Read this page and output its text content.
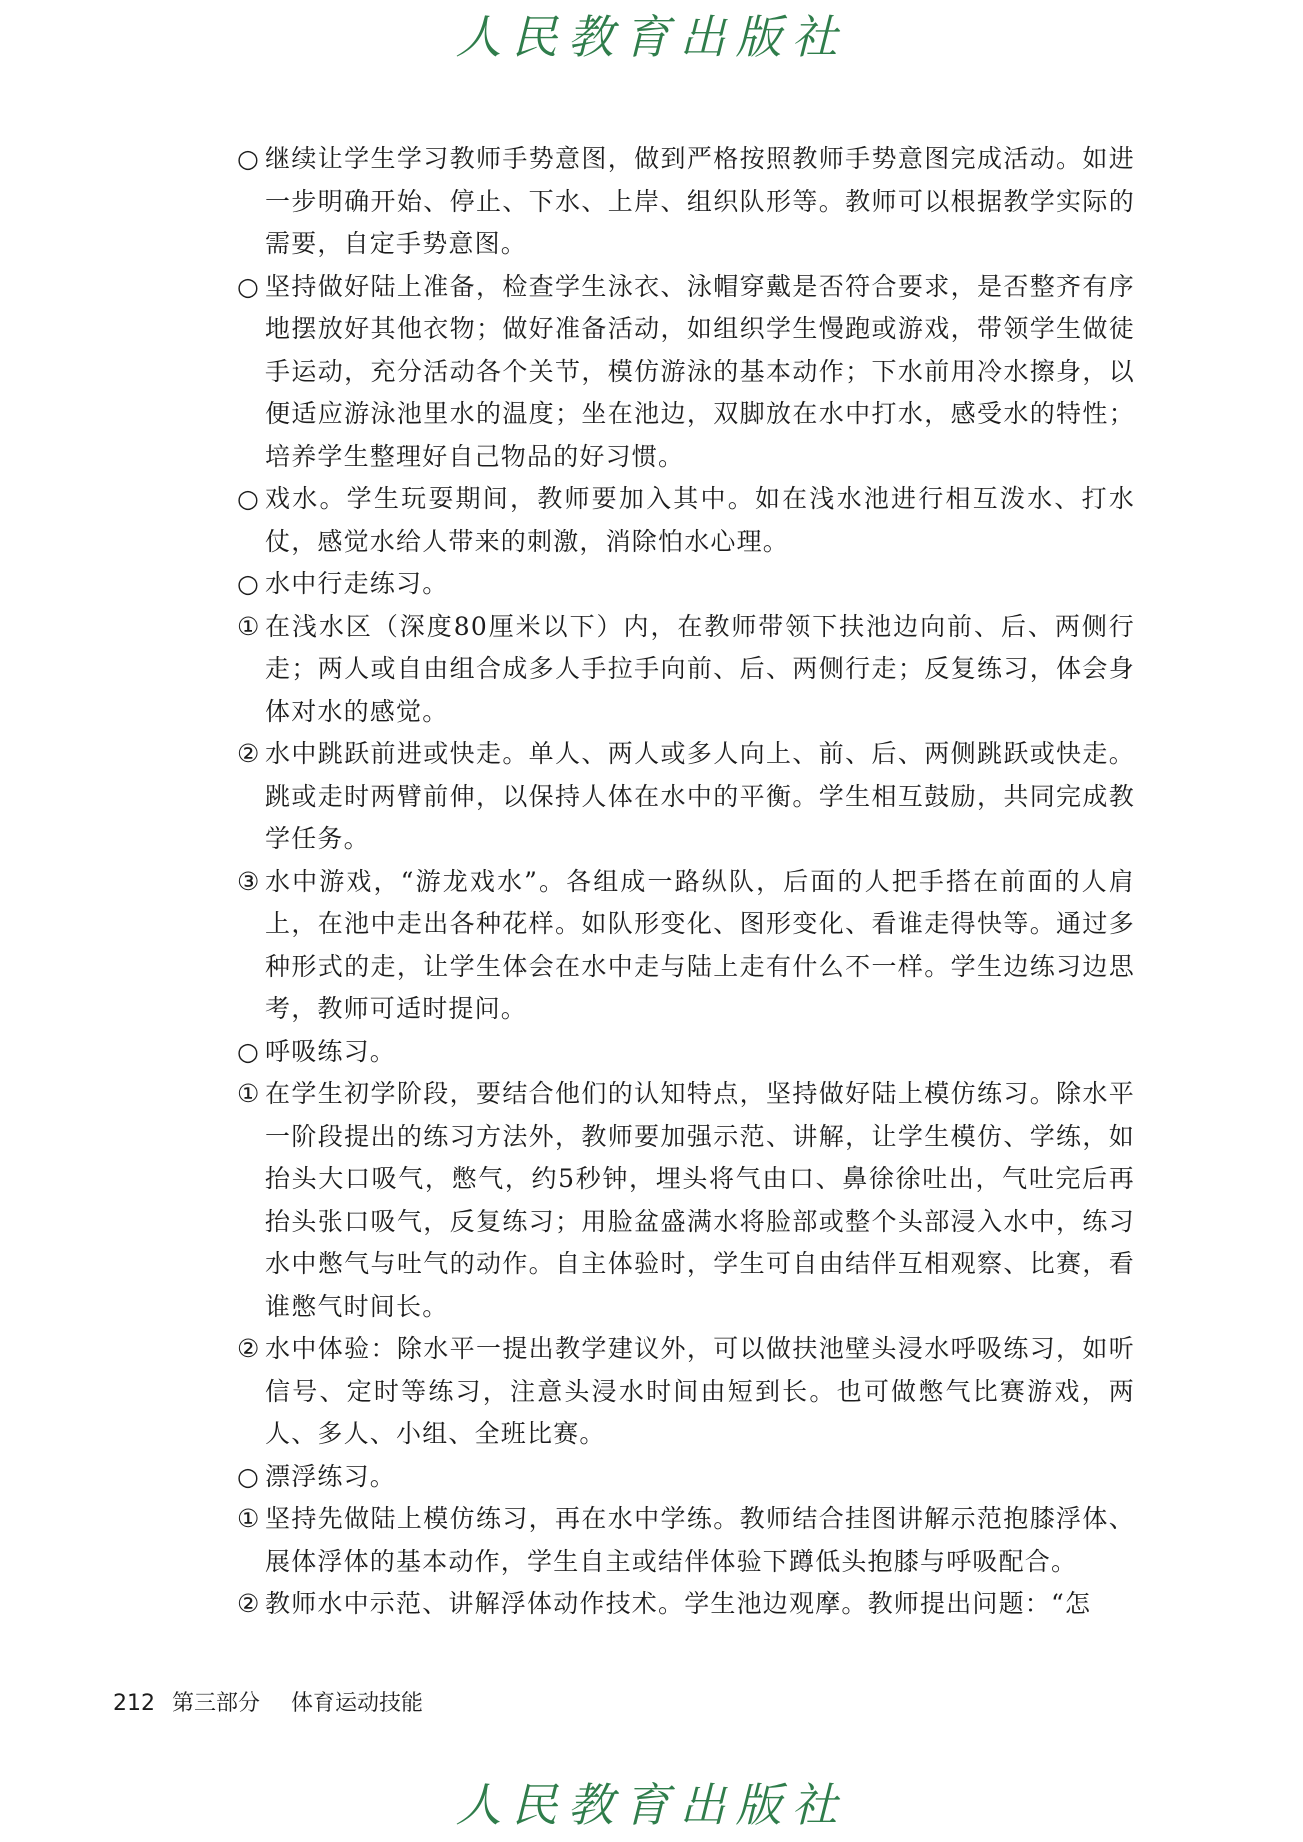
人民教育出版社

○ 继续让学生学习教师手势意图，做到严格按照教师手势意图完成活动。如进一步明确开始、停止、下水、上岸、组织队形等。教师可以根据教学实际的需要，自定手势意图。

○ 坚持做好陆上准备，检查学生泳衣、泳帽穿戴是否符合要求，是否整齐有序地摆放好其他衣物；做好准备活动，如组织学生慢跑或游戏，带领学生做徒手运动，充分活动各个关节，模仿游泳的基本动作；下水前用冷水擦身，以便适应游泳池里水的温度；坐在池边，双脚放在水中打水，感受水的特性；培养学生整理好自己物品的好习惯。

○ 戏水。学生玩耍期间，教师要加入其中。如在浅水池进行相互泼水、打水仗，感觉水给人带来的刺激，消除怕水心理。

○ 水中行走练习。

① 在浅水区（深度80厘米以下）内，在教师带领下扶池边向前、后、两侧行走；两人或自由组合成多人手拉手向前、后、两侧行走；反复练习，体会身体对水的感觉。

② 水中跳跃前进或快走。单人、两人或多人向上、前、后、两侧跳跃或快走。跳或走时两臂前伸，以保持人体在水中的平衡。学生相互鼓励，共同完成教学任务。

③ 水中游戏，“游龙戏水”。各组成一路纵队，后面的人把手搭在前面的人肩上，在池中走出各种花样。如队形变化、图形变化、看谁走得快等。通过多种形式的走，让学生体会在水中走与陆上走有什么不一样。学生边练习边思考，教师可适时提问。

○ 呼吸练习。

① 在学生初学阶段，要结合他们的认知特点，坚持做好陆上模仿练习。除水平一阶段提出的练习方法外，教师要加强示范、讲解，让学生模仿、学练，如抬头大口吸气，憋气，约5秒钟，埋头将气由口、鼻徐徐吐出，气吐完后再抬头张口吸气，反复练习；用脸盆盛满水将脸部或整个头部浸入水中，练习水中憋气与吐气的动作。自主体验时，学生可自由结伴互相观察、比赛，看谁憋气时间长。

② 水中体验：除水平一提出教学建议外，可以做扶池壁头浸水呼吸练习，如听信号、定时等练习，注意头浸水时间由短到长。也可做憋气比赛游戏，两人、多人、小组、全班比赛。

○ 漂浮练习。

① 坚持先做陆上模仿练习，再在水中学练。教师结合挂图讲解示范抱膝浮体、展体浮体的基本动作，学生自主或结伴体验下蹲低头抱膝与呼吸配合。

② 教师水中示范、讲解浮体动作技术。学生池边观摩。教师提出问题：“怎

212 第三部分 体育运动技能
人民教育出版社
